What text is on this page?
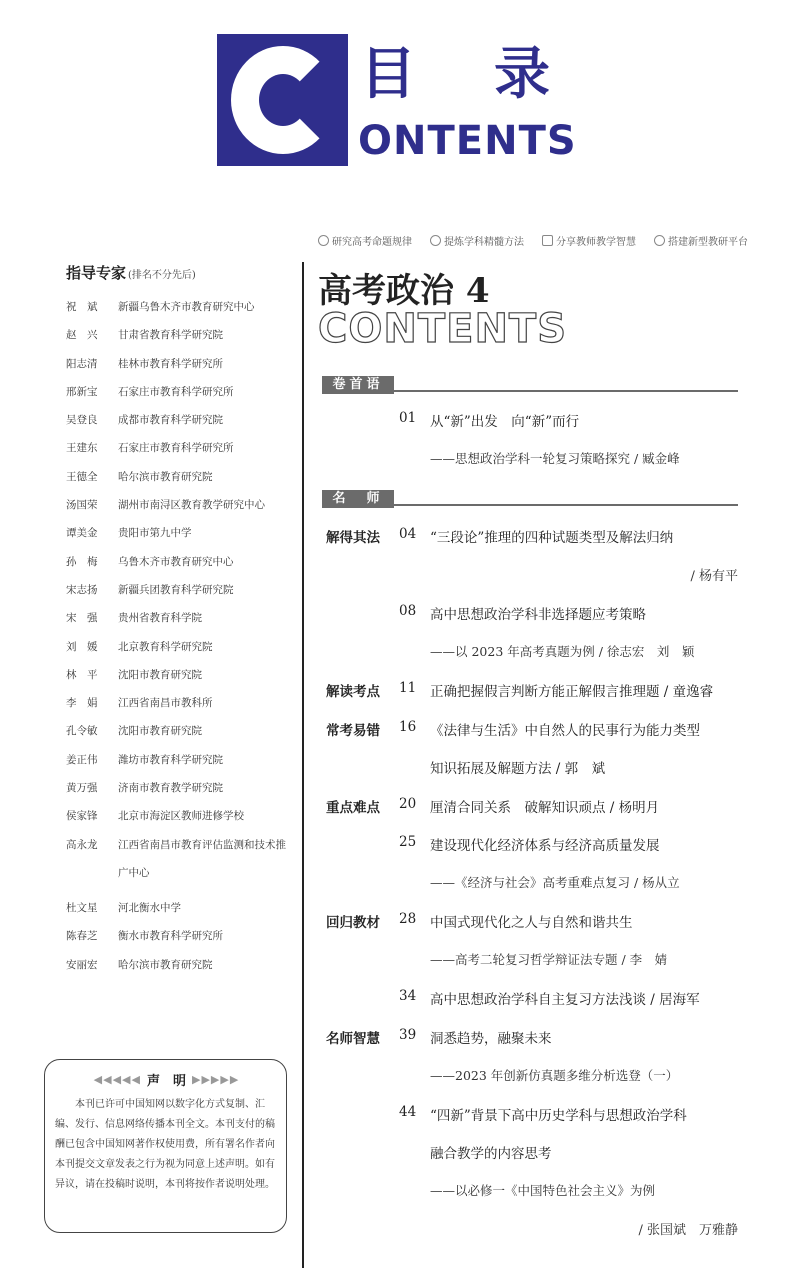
目录
ONTENTS
研究高考命题规律	提炼学科精髓方法	分享教师教学智慧	搭建新型教研平台
指导专家 (排名不分先后)
祝　斌	新疆乌鲁木齐市教育研究中心
赵　兴	甘肃省教育科学研究院
阳志清	桂林市教育科学研究所
邢新宝	石家庄市教育科学研究所
吴登良	成都市教育科学研究院
王建东	石家庄市教育科学研究所
王德全	哈尔滨市教育研究院
汤国荣	湖州市南浔区教育教学研究中心
谭美金	贵阳市第九中学
孙　梅	乌鲁木齐市教育研究中心
宋志扬	新疆兵团教育科学研究院
宋　强	贵州省教育科学院
刘　媛	北京教育科学研究院
林　平	沈阳市教育研究院
李　娟	江西省南昌市教科所
孔令敏	沈阳市教育研究院
姜正伟	潍坊市教育科学研究院
黄万强	济南市教育教学研究院
侯家锋	北京市海淀区教师进修学校
高永龙	江西省南昌市教育评估监测和技术推广中心
杜文星	河北衡水中学
陈春芝	衡水市教育科学研究所
安丽宏	哈尔滨市教育研究院
◀◀◀◀◀ 声　明 ▶▶▶▶▶
本刊已许可中国知网以数字化方式复制、汇编、发行、信息网络传播本刊全文。本刊支付的稿酬已包含中国知网著作权使用费，所有署名作者向本刊提交文章发表之行为视为同意上述声明。如有异议，请在投稿时说明，本刊将按作者说明处理。
高考政治 4
CONTENTS
卷首语
01 从“新”出发　向“新”而行
——思想政治学科一轮复习策略探究 / 臧金峰
名　师
解得其法 04 “三段论”推理的四种试题类型及解法归纳
/ 杨有平
08 高中思想政治学科非选择题应考策略
——以 2023 年高考真题为例 / 徐志宏　刘　颖
解读考点 11 正确把握假言判断方能正解假言推理题 / 童逸睿
常考易错 16 《法律与生活》中自然人的民事行为能力类型
知识拓展及解题方法 / 郭　斌
重点难点 20 厘清合同关系　破解知识顽点 / 杨明月
25 建设现代化经济体系与经济高质量发展
——《经济与社会》高考重难点复习 / 杨从立
回归教材 28 中国式现代化之人与自然和谐共生
——高考二轮复习哲学辩证法专题 / 李　婧
34 高中思想政治学科自主复习方法浅谈 / 居海军
名师智慧 39 洞悉趋势，融聚未来
——2023 年创新仿真题多维分析选登（一）
44 “四新”背景下高中历史学科与思想政治学科
融合教学的内容思考
——以必修一《中国特色社会主义》为例
/ 张国斌　万雅静
